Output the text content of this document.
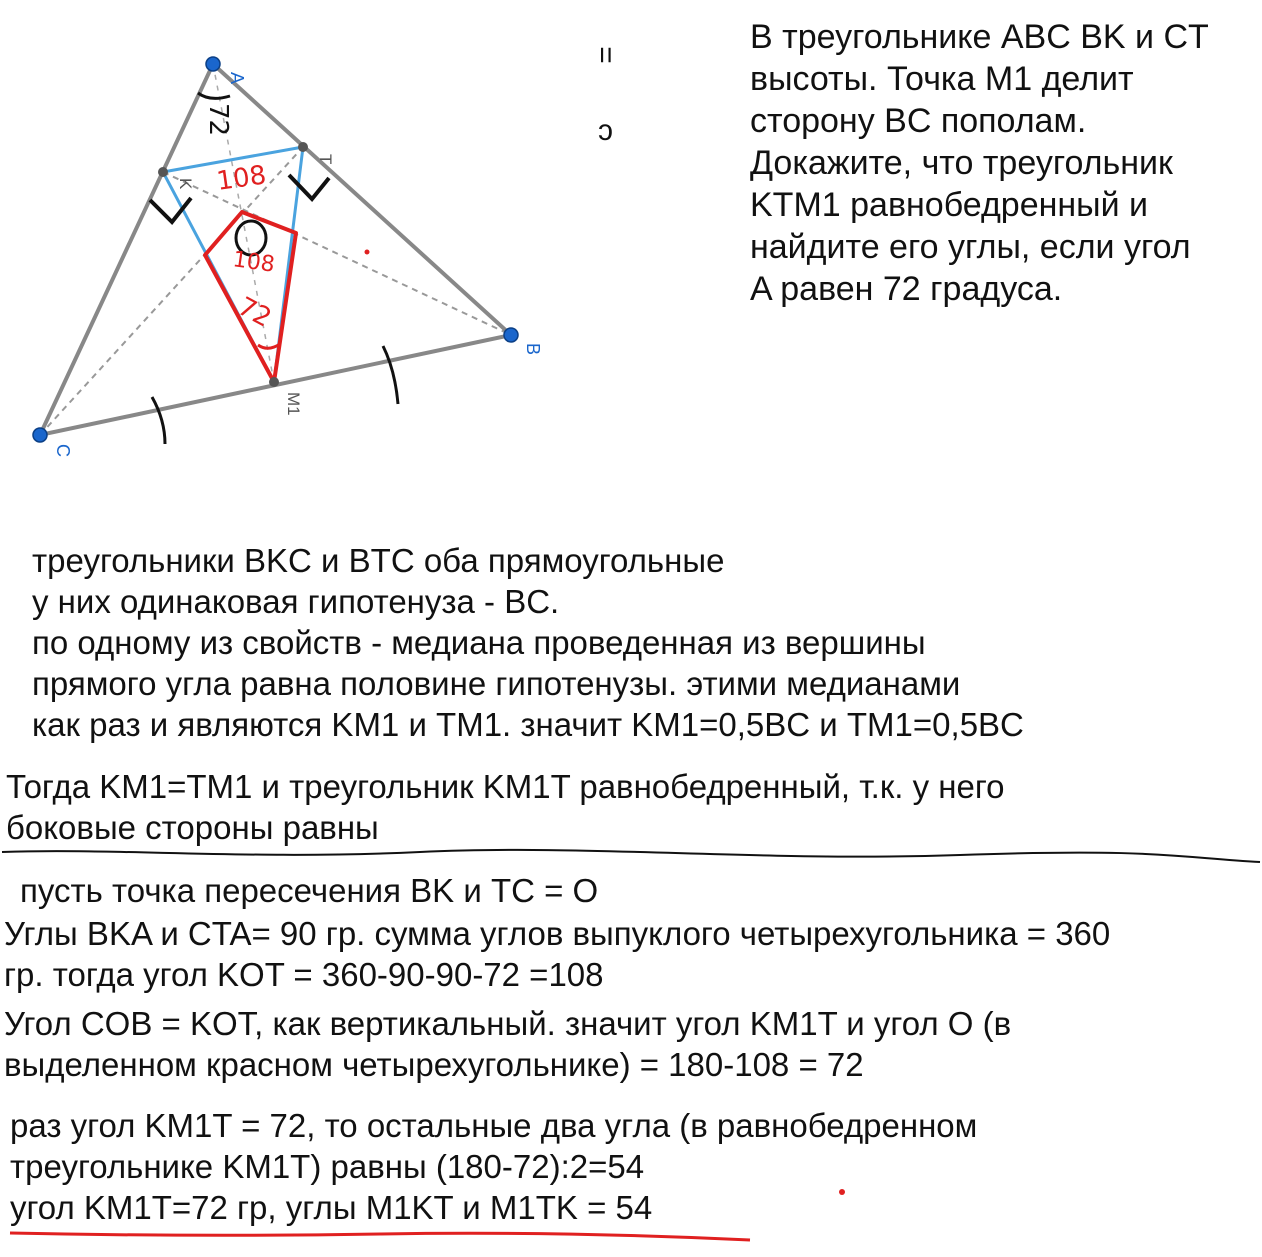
72
108
108
72
A
B
C
K
T
M1
=
ↄ
В треугольнике ABC BK и CT
высоты. Точка M1 делит
сторону BC пополам.
Докажите, что треугольник
KTM1 равнобедренный и
найдите его углы, если угол
A равен 72 градуса.
треугольники BKC и BTC оба прямоугольные
у них одинаковая гипотенуза - BC.
по одному из свойств - медиана проведенная из вершины
прямого угла равна половине гипотенузы. этими медианами
как раз и являются KM1 и TM1. значит KM1=0,5BC и TM1=0,5BC
Тогда KM1=TM1 и треугольник KM1T равнобедренный, т.к. у него
боковые стороны равны
пусть точка пересечения BK и TC = O
Углы BKA и CTA= 90 гр. сумма углов выпуклого четырехугольника = 360
гр. тогда угол KOT = 360-90-90-72 =108
Угол COB = KOT, как вертикальный. значит угол KM1T и угол O (в
выделенном красном четырехугольнике) = 180-108 = 72
раз угол KM1T = 72, то остальные два угла (в равнобедренном
треугольнике KM1T) равны (180-72):2=54
угол KM1T=72 гр, углы M1KT и M1TK = 54
